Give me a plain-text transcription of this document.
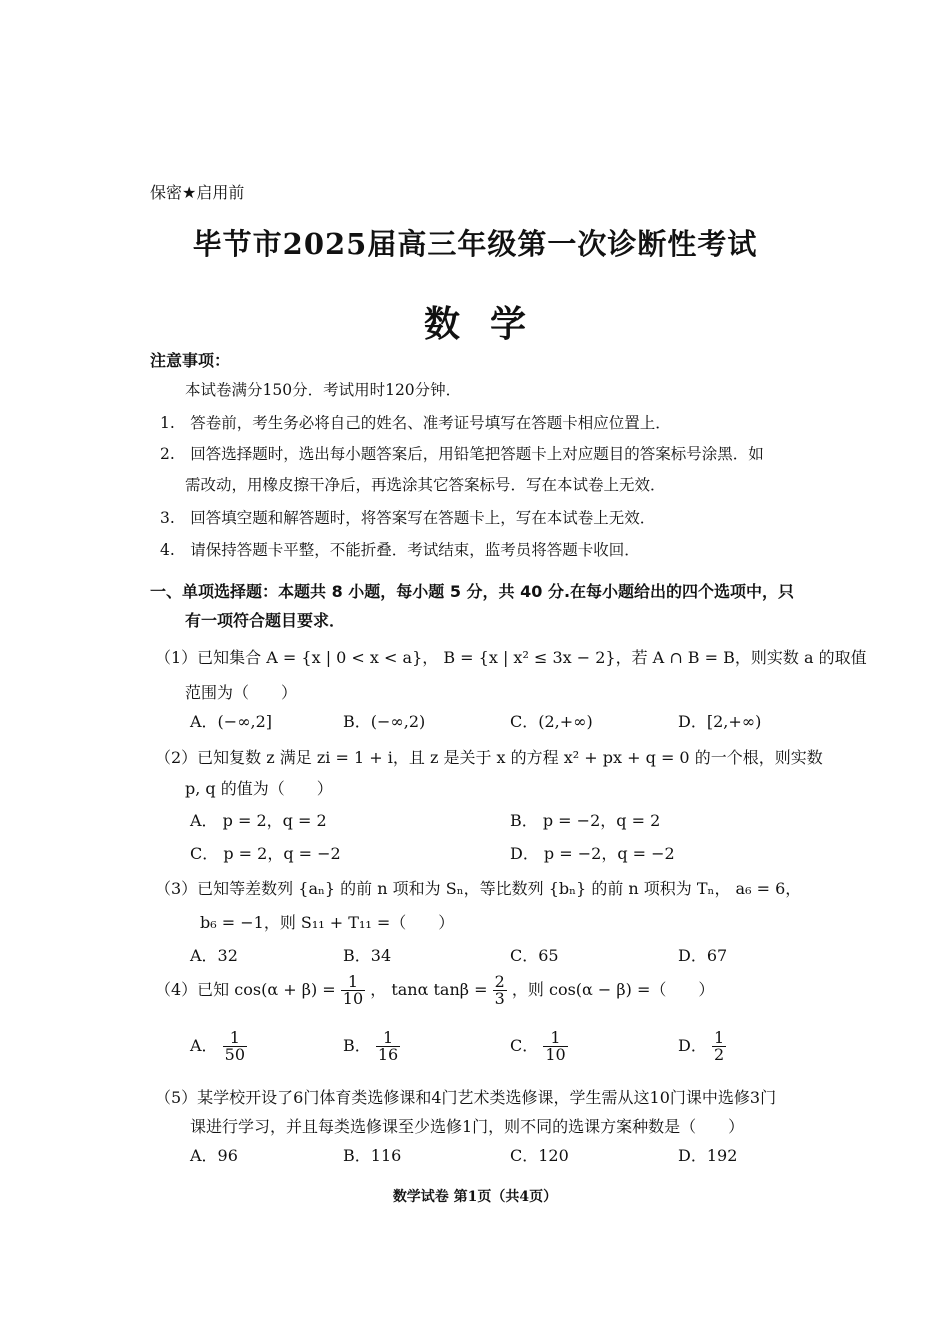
保密★启用前
毕节市2025届高三年级第一次诊断性考试
数学
注意事项：
本试卷满分150分．考试用时120分钟．
1.　答卷前，考生务必将自己的姓名、准考证号填写在答题卡相应位置上．
2.　回答选择题时，选出每小题答案后，用铅笔把答题卡上对应题目的答案标号涂黑．如
需改动，用橡皮擦干净后，再选涂其它答案标号．写在本试卷上无效．
3.　回答填空题和解答题时，将答案写在答题卡上，写在本试卷上无效．
4.　请保持答题卡平整，不能折叠．考试结束，监考员将答题卡收回．
一、单项选择题：本题共 8 小题，每小题 5 分，共 40 分.在每小题给出的四个选项中，只
有一项符合题目要求．
（1）已知集合 A = {x | 0 < x < a}， B = {x | x² ≤ 3x − 2}，若 A ∩ B = B，则实数 a 的取值
范围为（　　）
A．(−∞,2]	B．(−∞,2)	C．(2,+∞)	D．[2,+∞)
（2）已知复数 z 满足 zi = 1 + i，且 z 是关于 x 的方程 x² + px + q = 0 的一个根，则实数
p, q 的值为（　　）
A． p = 2，q = 2	B． p = −2，q = 2
C． p = 2，q = −2	D． p = −2，q = −2
（3）已知等差数列 {aₙ} 的前 n 项和为 Sₙ，等比数列 {bₙ} 的前 n 项积为 Tₙ， a₆ = 6，
b₆ = −1，则 S₁₁ + T₁₁ =（　　）
A．32	B．34	C．65	D．67
（4）已知 $\cos(\alpha + \beta) = \frac{1}{10}$ ， tanα $\tan\beta = \frac{2}{3}$ ，则 cos(α − β) =（　　）
A． $\frac{1}{50}$	B． $\frac{1}{16}$	C． $\frac{1}{10}$	D． $\frac{1}{2}$
（5）某学校开设了6门体育类选修课和4门艺术类选修课，学生需从这10门课中选修3门
课进行学习，并且每类选修课至少选修1门，则不同的选课方案种数是（　　）
A．96	B．116	C．120	D．192
数学试卷 第1页（共4页）
